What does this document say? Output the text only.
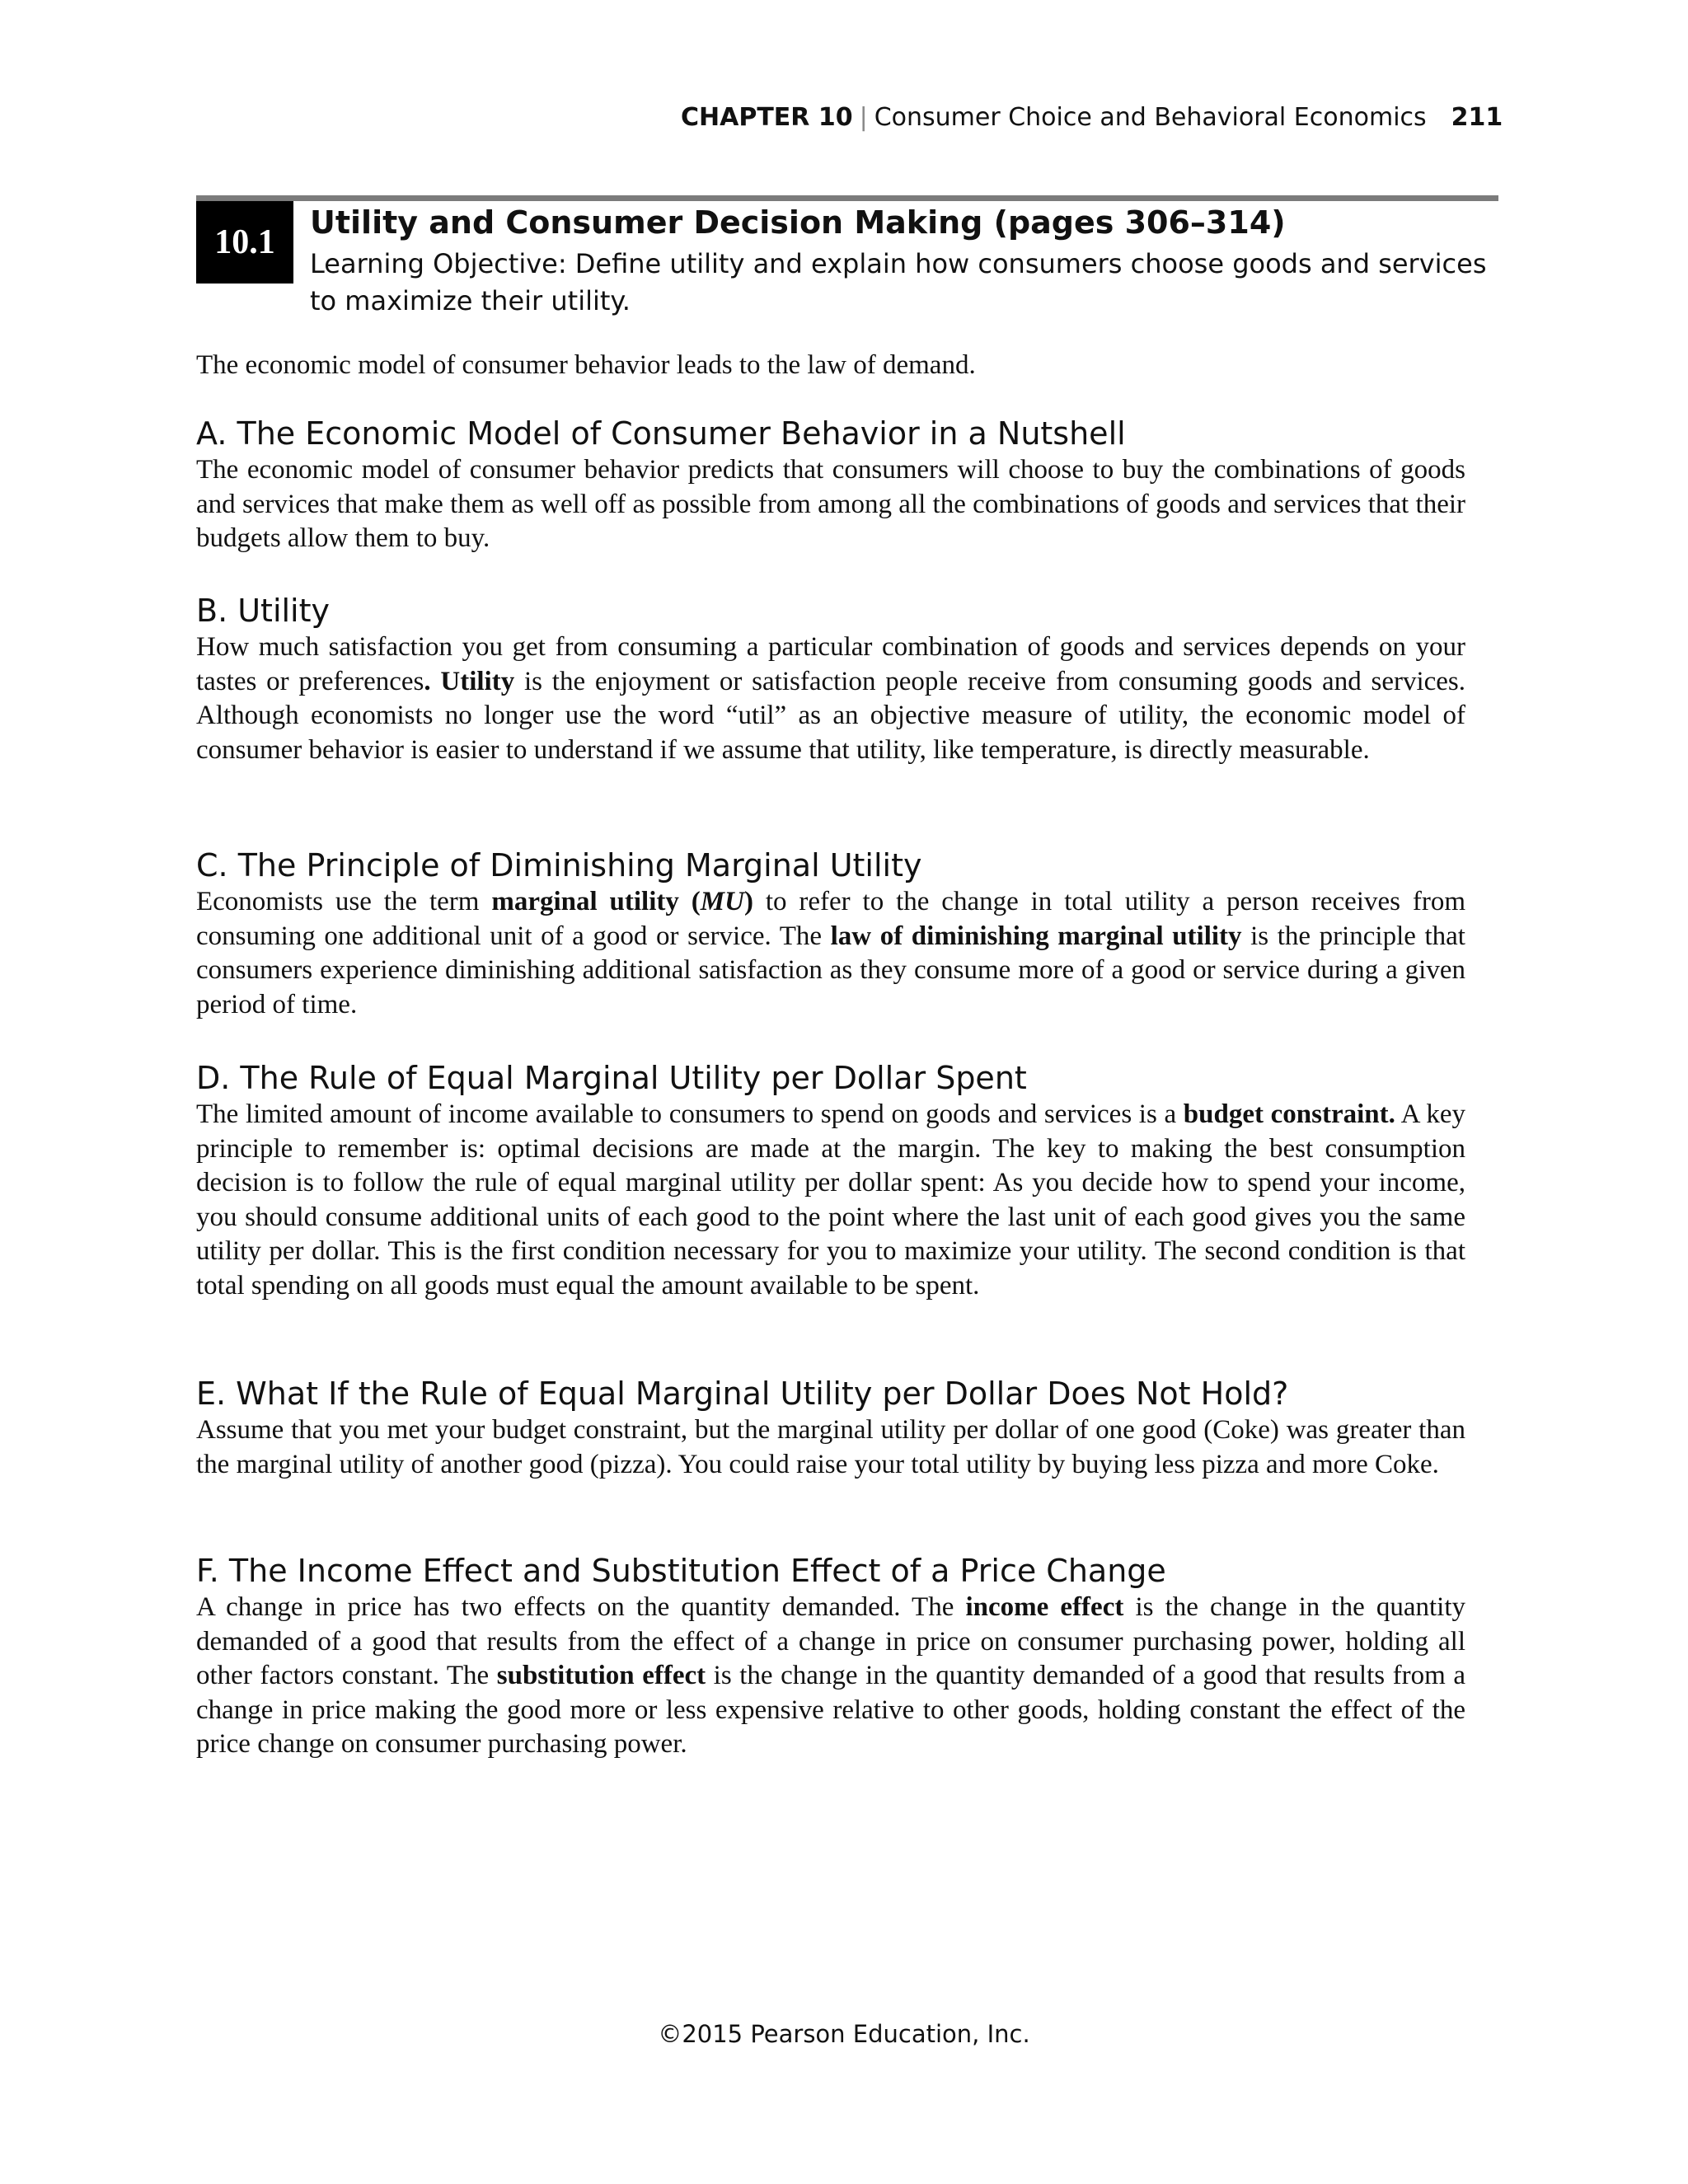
CHAPTER 10 | Consumer Choice and Behavioral Economics 211
10.1
Utility and Consumer Decision Making (pages 306–314)
Learning Objective: Define utility and explain how consumers choose goods and services to maximize their utility.
The economic model of consumer behavior leads to the law of demand.
A. The Economic Model of Consumer Behavior in a Nutshell

The economic model of consumer behavior predicts that consumers will choose to buy the combinations of goods and services that make them as well off as possible from among all the combinations of goods and services that their budgets allow them to buy.

B. Utility

How much satisfaction you get from consuming a particular combination of goods and services depends on your tastes or preferences. Utility is the enjoyment or satisfaction people receive from consuming goods and services. Although economists no longer use the word “util” as an objective measure of utility, the economic model of consumer behavior is easier to understand if we assume that utility, like temperature, is directly measurable.

C. The Principle of Diminishing Marginal Utility

Economists use the term marginal utility (MU) to refer to the change in total utility a person receives from consuming one additional unit of a good or service. The law of diminishing marginal utility is the principle that consumers experience diminishing additional satisfaction as they consume more of a good or service during a given period of time.

D. The Rule of Equal Marginal Utility per Dollar Spent

The limited amount of income available to consumers to spend on goods and services is a budget constraint. A key principle to remember is: optimal decisions are made at the margin. The key to making the best consumption decision is to follow the rule of equal marginal utility per dollar spent: As you decide how to spend your income, you should consume additional units of each good to the point where the last unit of each good gives you the same utility per dollar. This is the first condition necessary for you to maximize your utility. The second condition is that total spending on all goods must equal the amount available to be spent.

E. What If the Rule of Equal Marginal Utility per Dollar Does Not Hold?

Assume that you met your budget constraint, but the marginal utility per dollar of one good (Coke) was greater than the marginal utility of another good (pizza). You could raise your total utility by buying less pizza and more Coke.

F. The Income Effect and Substitution Effect of a Price Change

A change in price has two effects on the quantity demanded. The income effect is the change in the quantity demanded of a good that results from the effect of a change in price on consumer purchasing power, holding all other factors constant. The substitution effect is the change in the quantity demanded of a good that results from a change in price making the good more or less expensive relative to other goods, holding constant the effect of the price change on consumer purchasing power.

©2015 Pearson Education, Inc.
